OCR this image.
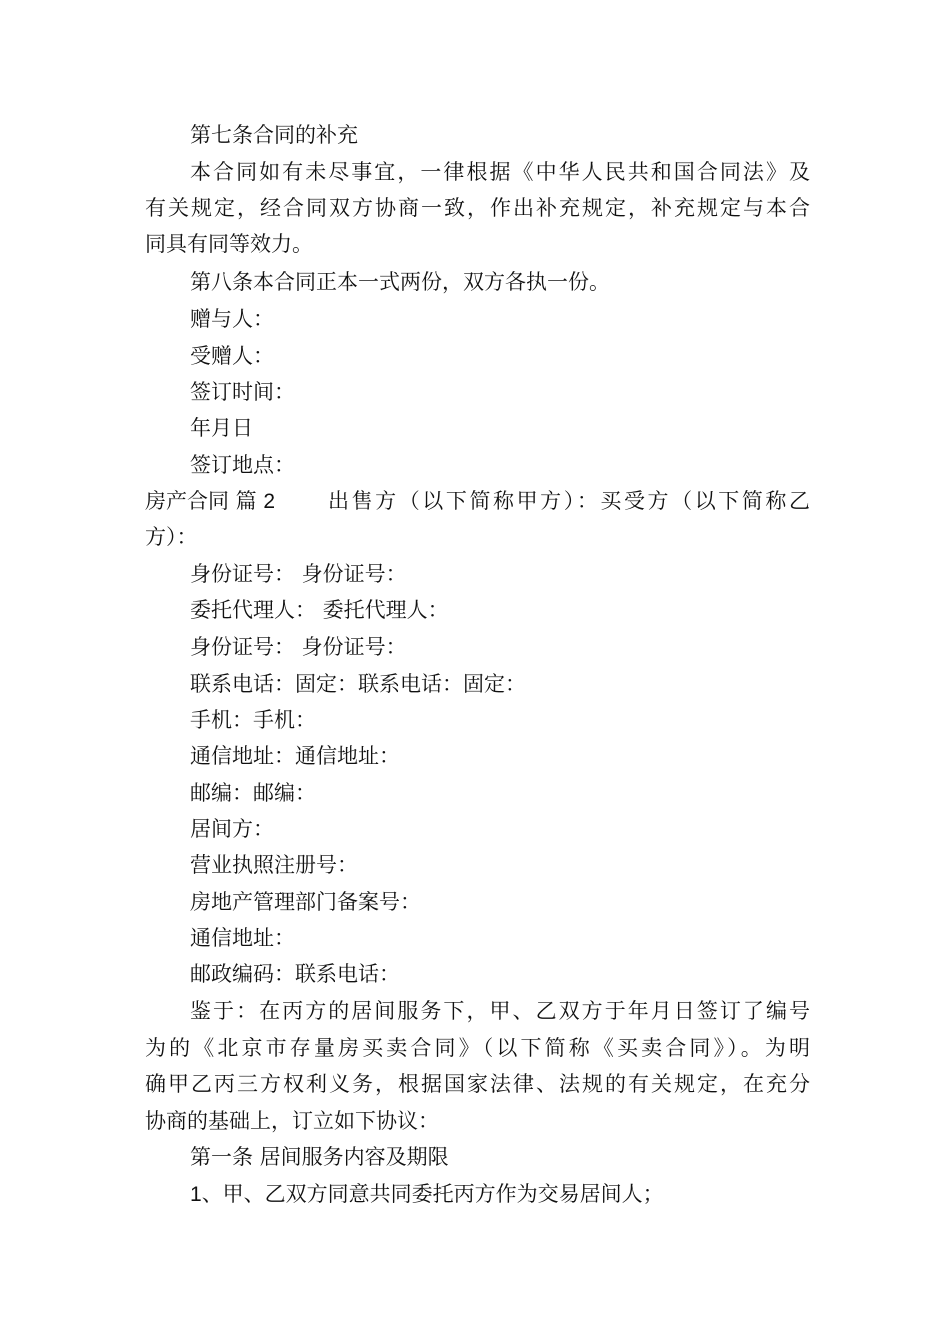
第七条合同的补充
本合同如有未尽事宜，一律根据《中华人民共和国合同法》及
有关规定，经合同双方协商一致，作出补充规定，补充规定与本合
同具有同等效力。
第八条本合同正本一式两份，双方各执一份。
赠与人：
受赠人：
签订时间：
年月日
签订地点：
房产合同 篇 2	出售方（以下简称甲方）：买受方（以下简称乙
方）：
身份证号： 身份证号：
委托代理人： 委托代理人：
身份证号： 身份证号：
联系电话：固定：联系电话：固定：
手机：手机：
通信地址：通信地址：
邮编：邮编：
居间方：
营业执照注册号：
房地产管理部门备案号：
通信地址：
邮政编码：联系电话：
鉴于：在丙方的居间服务下，甲、乙双方于年月日签订了编号
为的《北京市存量房买卖合同》（以下简称《买卖合同》）。为明
确甲乙丙三方权利义务，根据国家法律、法规的有关规定，在充分
协商的基础上，订立如下协议：
第一条 居间服务内容及期限
1、甲、乙双方同意共同委托丙方作为交易居间人；
